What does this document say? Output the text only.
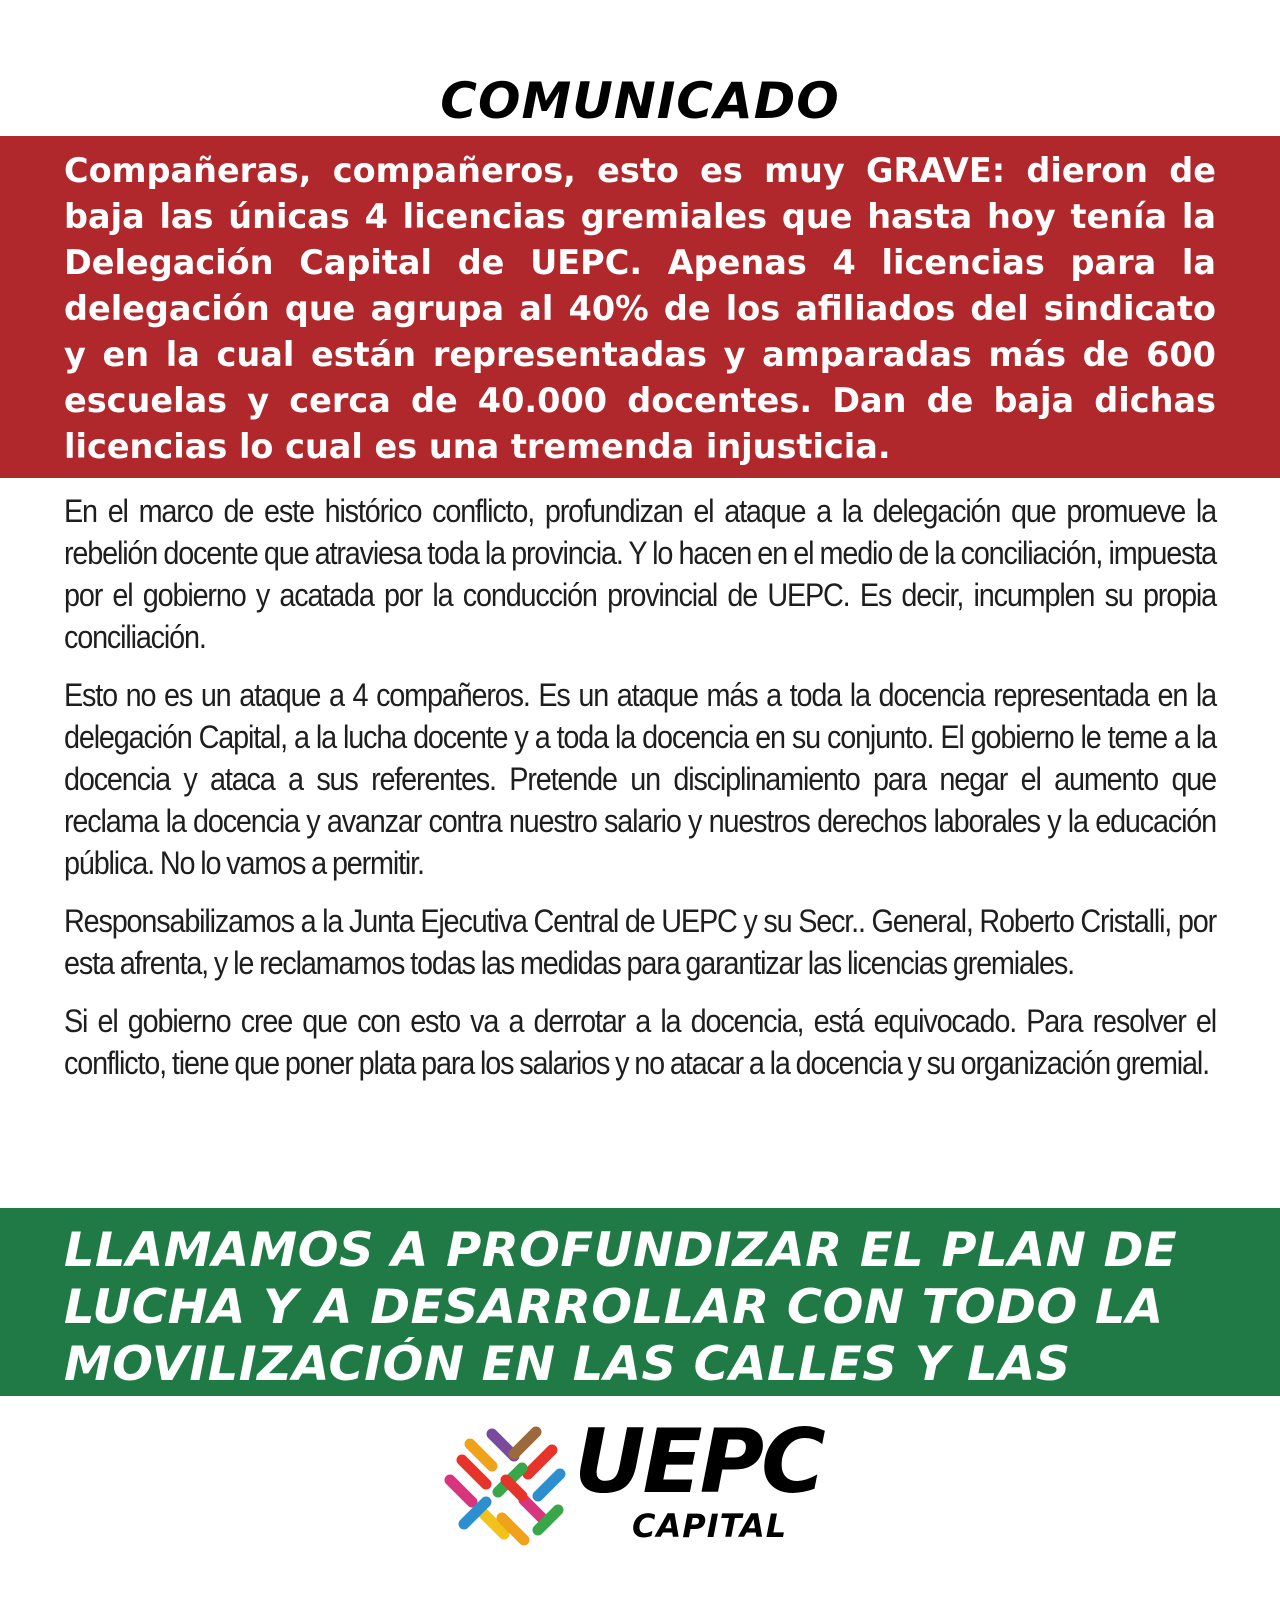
COMUNICADO

Compañeras, compañeros, esto es muy GRAVE: dieron de baja las únicas 4 licencias gremiales que hasta hoy tenía la Delegación Capital de UEPC. Apenas 4 licencias para la delegación que agrupa al 40% de los afiliados del sindicato y en la cual están representadas y amparadas más de 600 escuelas y cerca de 40.000 docentes. Dan de baja dichas licencias lo cual es una tremenda injusticia.

En el marco de este histórico conflicto, profundizan el ataque a la delegación que promueve la rebelión docente que atraviesa toda la provincia. Y lo hacen en el medio de la conciliación, impuesta por el gobierno y acatada por la conducción provincial de UEPC. Es decir, incumplen su propia conciliación.

Esto no es un ataque a 4 compañeros. Es un ataque más a toda la docencia representada en la delegación Capital, a la lucha docente y a toda la docencia en su conjunto. El gobierno le teme a la docencia y ataca a sus referentes. Pretende un disciplinamiento para negar el aumento que reclama la docencia y avanzar contra nuestro salario y nuestros derechos laborales y la educación pública. No lo vamos a permitir.

Responsabilizamos a la Junta Ejecutiva Central de UEPC y su Secr.. General, Roberto Cristalli, por esta afrenta, y le reclamamos todas las medidas para garantizar las licencias gremiales.

Si el gobierno cree que con esto va a derrotar a la docencia, está equivocado. Para resolver el conflicto, tiene que poner plata para los salarios y no atacar a la docencia y su organización gremial.

LLAMAMOS A PROFUNDIZAR EL PLAN DE

LUCHA Y A DESARROLLAR CON TODO LA

MOVILIZACIÓN EN LAS CALLES Y LAS ESCUELAS	UEPC
CAPITAL
